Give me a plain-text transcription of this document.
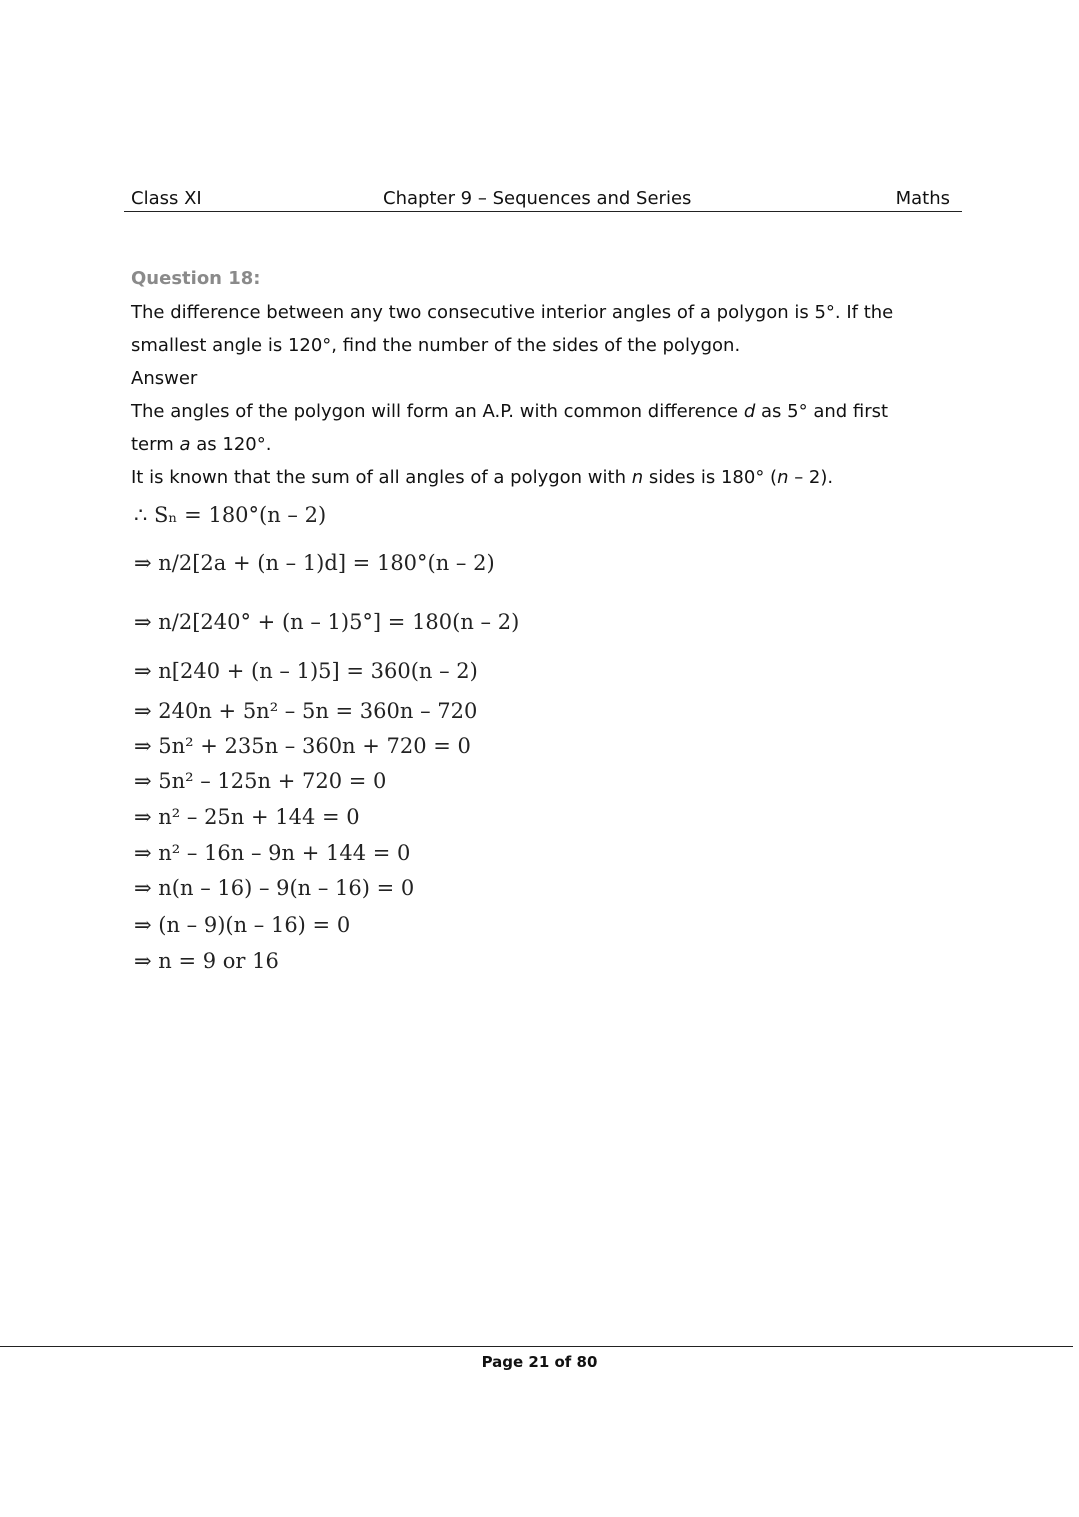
Class XI	Chapter 9 – Sequences and Series	Maths
Question 18:
The difference between any two consecutive interior angles of a polygon is 5°. If the
smallest angle is 120°, find the number of the sides of the polygon.
Answer
The angles of the polygon will form an A.P. with common difference d as 5° and first
term a as 120°.
It is known that the sum of all angles of a polygon with n sides is 180° (n – 2).
∴ Sₙ = 180°(n – 2)
⇒ n/2[2a + (n – 1)d] = 180°(n – 2)
⇒ n/2[240° + (n – 1)5°] = 180(n – 2)
⇒ n[240 + (n – 1)5] = 360(n – 2)
⇒ 240n + 5n² – 5n = 360n – 720
⇒ 5n² + 235n – 360n + 720 = 0
⇒ 5n² – 125n + 720 = 0
⇒ n² – 25n + 144 = 0
⇒ n² – 16n – 9n + 144 = 0
⇒ n(n – 16) – 9(n – 16) = 0
⇒ (n – 9)(n – 16) = 0
⇒ n = 9 or 16
Page 21 of 80
